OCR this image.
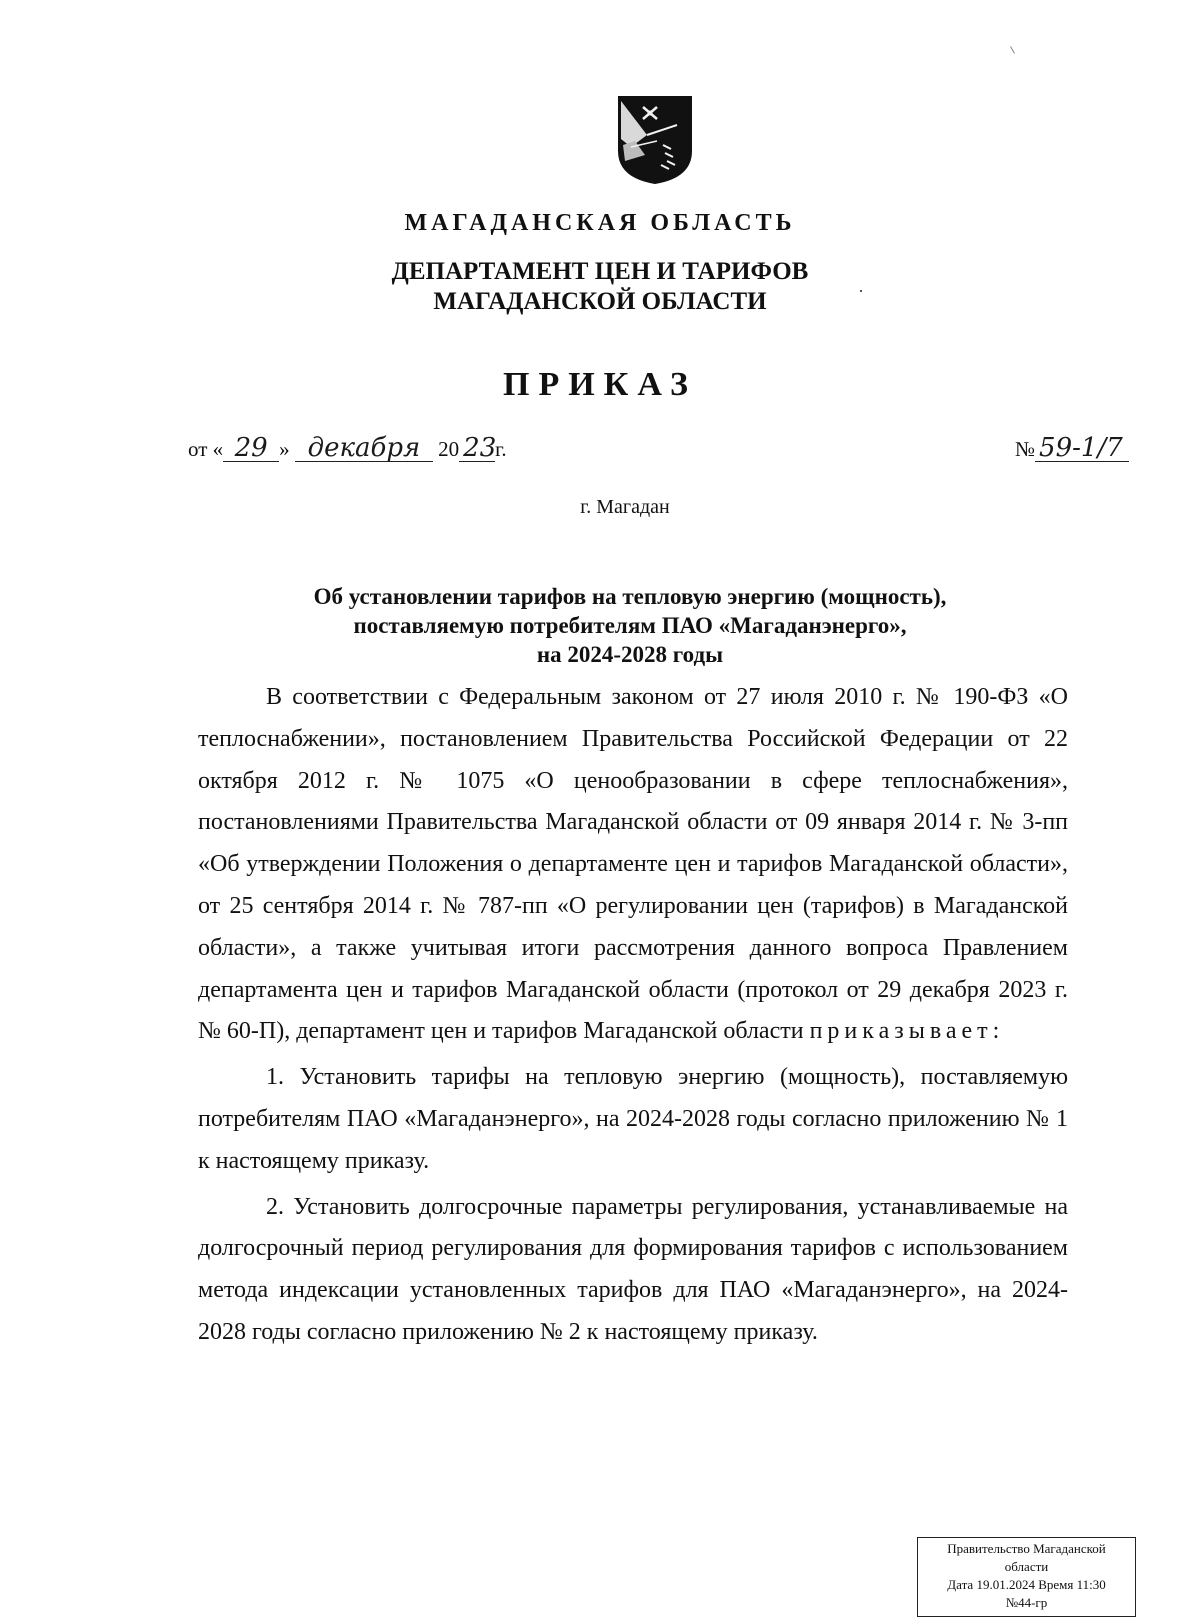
МАГАДАНСКАЯ ОБЛАСТЬ
ДЕПАРТАМЕНТ ЦЕН И ТАРИФОВ
МАГАДАНСКОЙ ОБЛАСТИ
ПРИКАЗ
от « 29 » декабря 20 23г.	№ 59-1/7
г. Магадан
Об установлении тарифов на тепловую энергию (мощность),
поставляемую потребителям ПАО «Магаданэнерго»,
на 2024-2028 годы

В соответствии с Федеральным законом от 27 июля 2010 г. № 190-ФЗ «О теплоснабжении», постановлением Правительства Российской Федерации от 22 октября 2012 г. № 1075 «О ценообразовании в сфере теплоснабжения», постановлениями Правительства Магаданской области от 09 января 2014 г. № 3-пп «Об утверждении Положения о департаменте цен и тарифов Магаданской области», от 25 сентября 2014 г. № 787-пп «О регулировании цен (тарифов) в Магаданской области», а также учитывая итоги рассмотрения данного вопроса Правлением департамента цен и тарифов Магаданской области (протокол от 29 декабря 2023 г. № 60-П), департамент цен и тарифов Магаданской области приказывает:

1. Установить тарифы на тепловую энергию (мощность), поставляемую потребителям ПАО «Магаданэнерго», на 2024-2028 годы согласно приложению № 1 к настоящему приказу.

2. Установить долгосрочные параметры регулирования, устанавливаемые на долгосрочный период регулирования для формирования тарифов с использованием метода индексации установленных тарифов для ПАО «Магаданэнерго», на 2024-2028 годы согласно приложению № 2 к настоящему приказу.

Правительство Магаданской
области
Дата 19.01.2024 Время 11:30
№44-гр
